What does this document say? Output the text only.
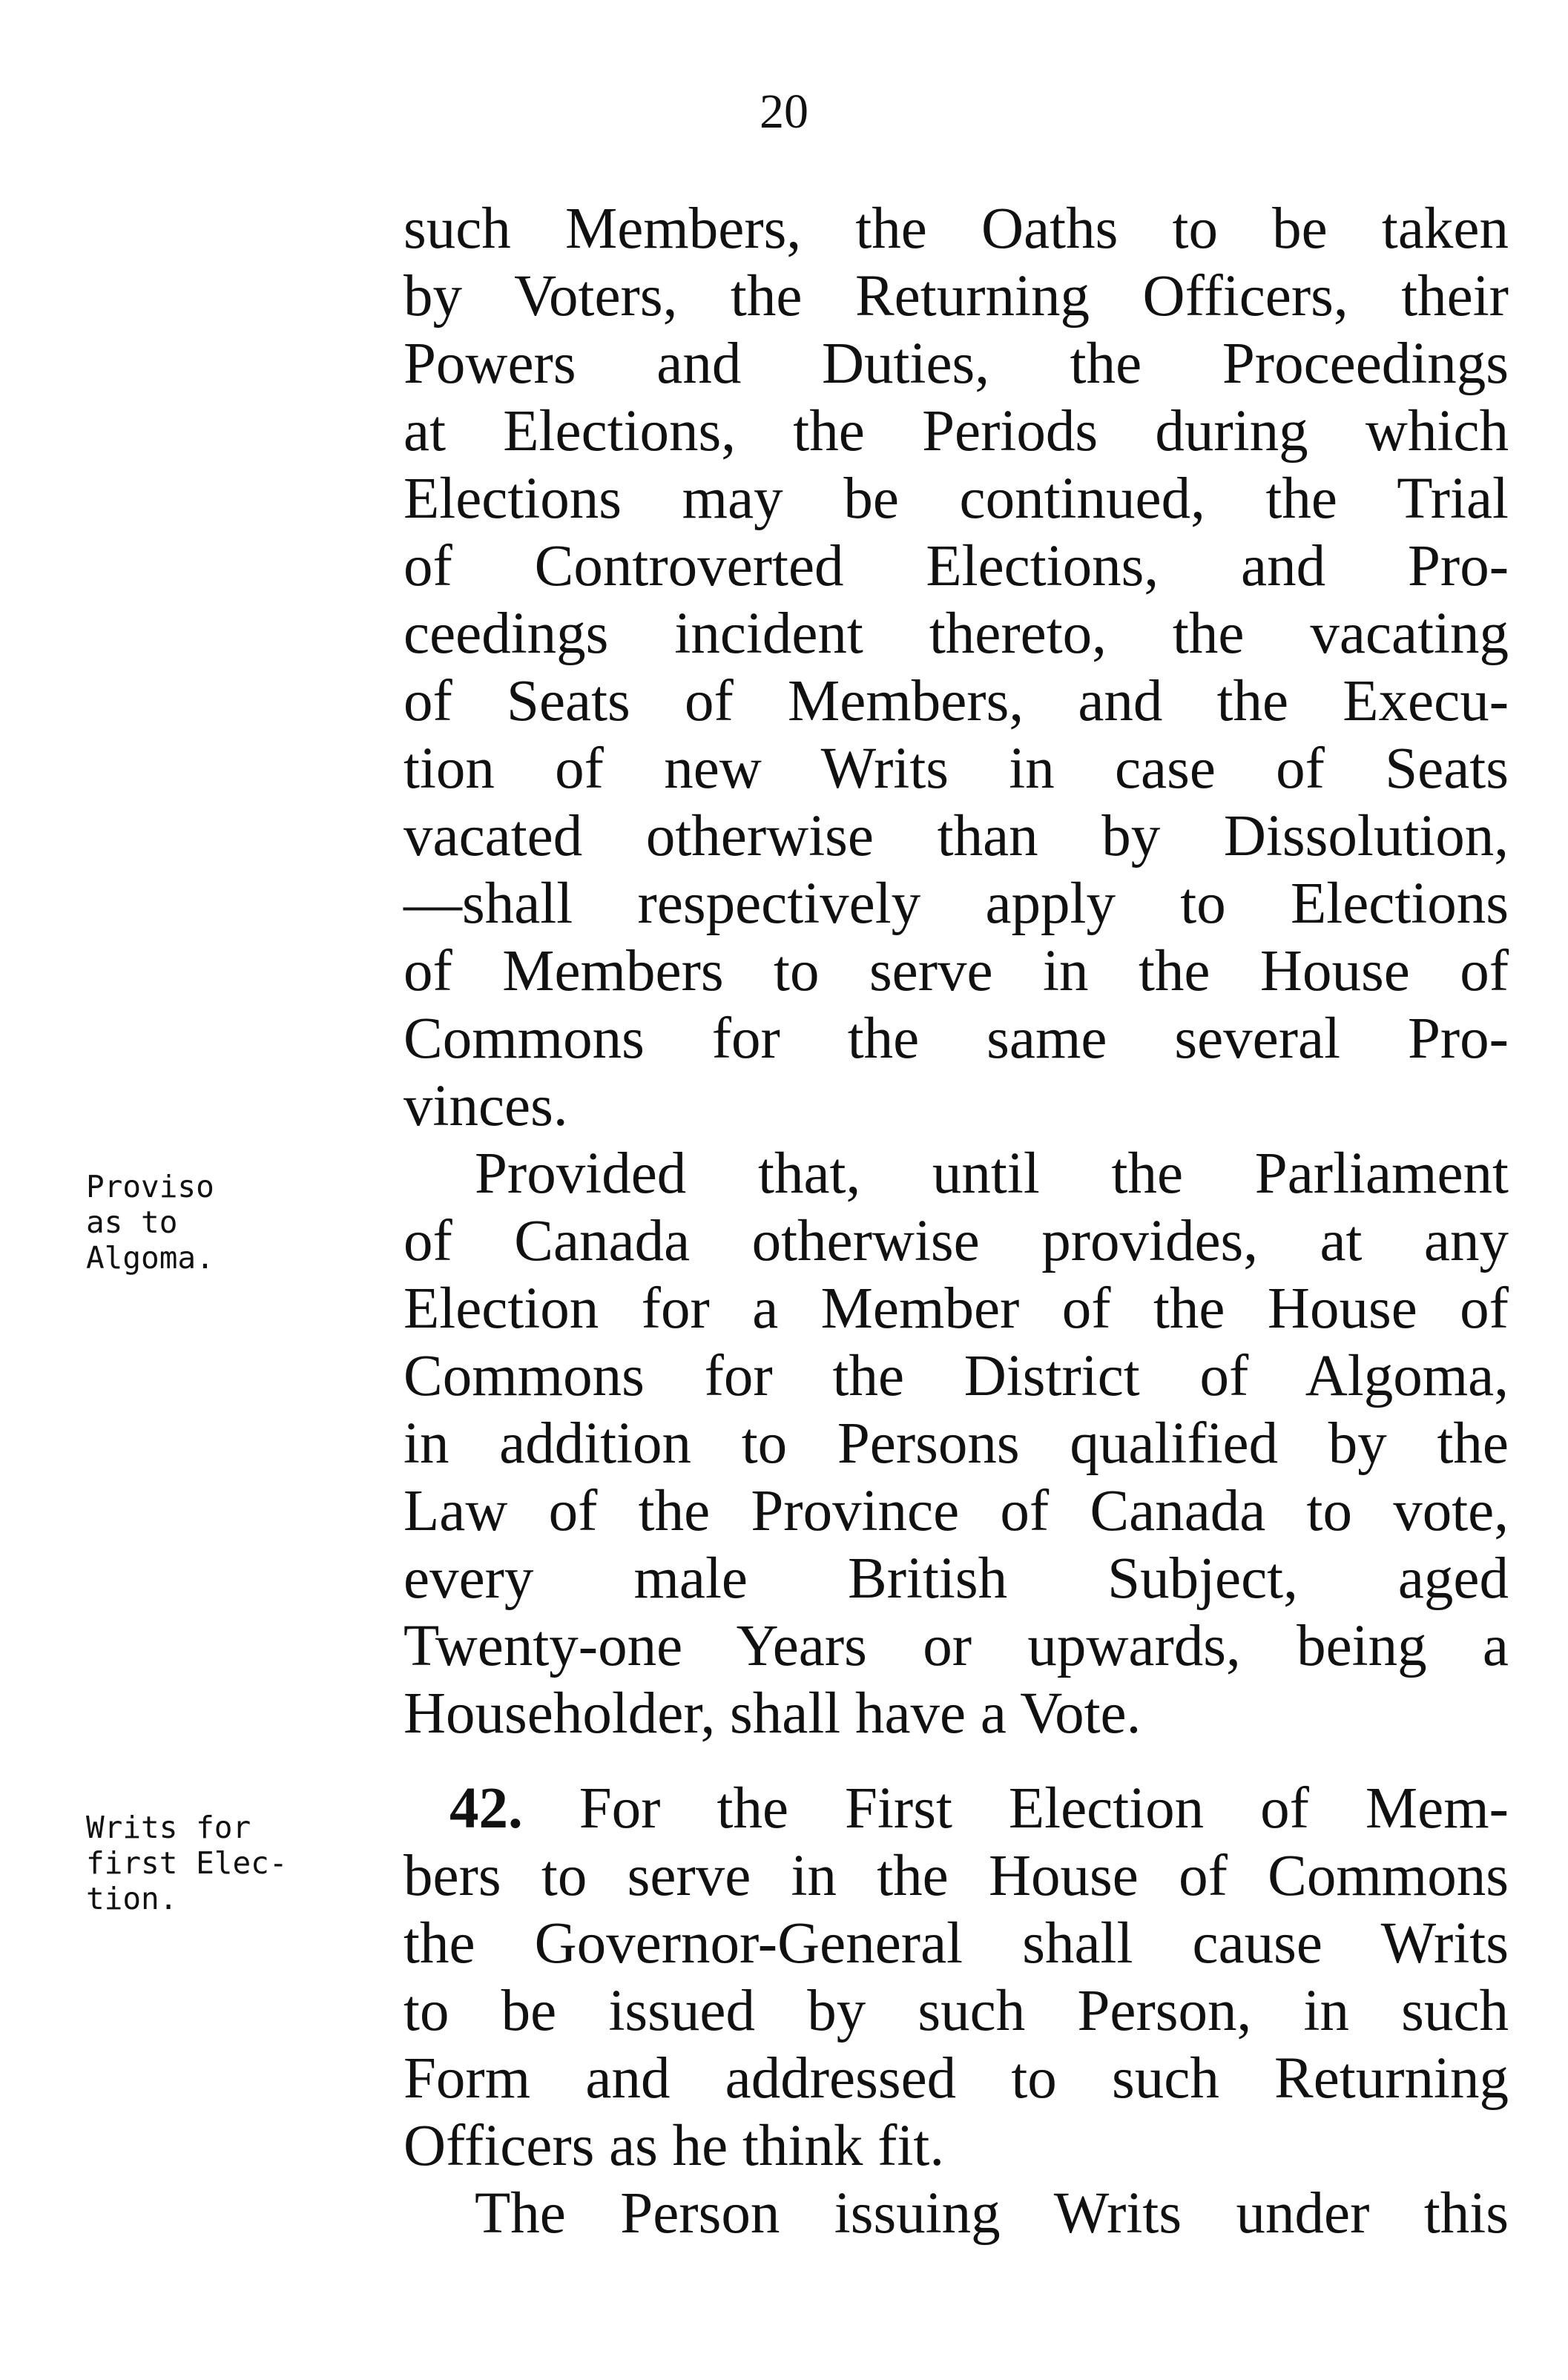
20
Proviso
as to
Algoma.
Writs for
first Elec-
tion.
such Members, the Oaths to be taken
by Voters, the Returning Officers, their
Powers and Duties, the Proceedings
at Elections, the Periods during which
Elections may be continued, the Trial
of Controverted Elections, and Pro-
ceedings incident thereto, the vacating
of Seats of Members, and the Execu-
tion of new Writs in case of Seats
vacated otherwise than by Dissolution,
—shall respectively apply to Elections
of Members to serve in the House of
Commons for the same several Pro-
vinces.
Provided that, until the Parliament
of Canada otherwise provides, at any
Election for a Member of the House of
Commons for the District of Algoma,
in addition to Persons qualified by the
Law of the Province of Canada to vote,
every male British Subject, aged
Twenty-one Years or upwards, being a
Householder, shall have a Vote.
42. For the First Election of Mem-
bers to serve in the House of Commons
the Governor-General shall cause Writs
to be issued by such Person, in such
Form and addressed to such Returning
Officers as he think fit.
The Person issuing Writs under this
